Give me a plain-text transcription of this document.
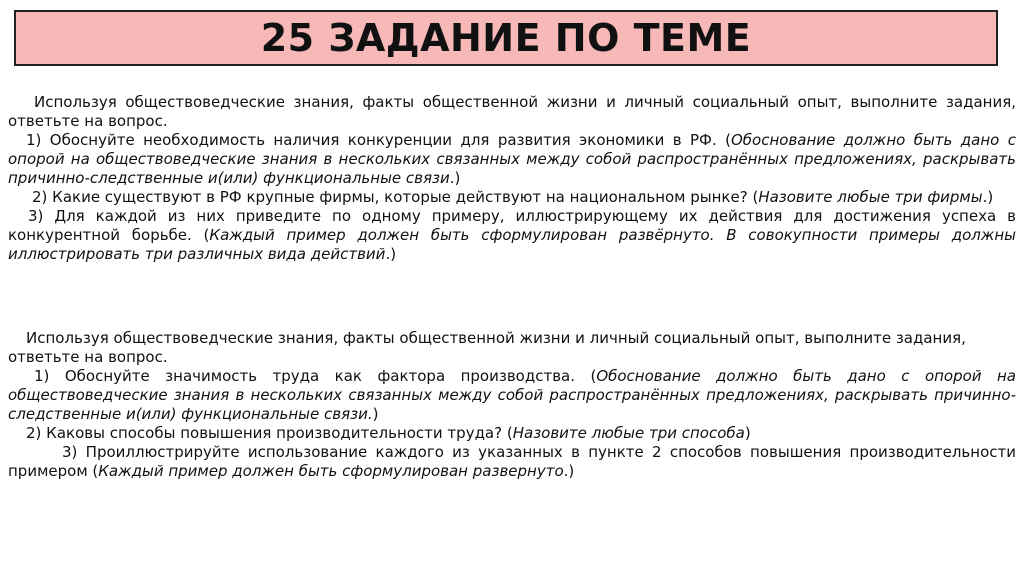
25 ЗАДАНИЕ ПО ТЕМЕ

Используя обществоведческие знания, факты общественной жизни и личный социальный опыт, выполните задания, ответьте на вопрос.

1) Обоснуйте необходимость наличия конкуренции для развития экономики в РФ. (Обоснование должно быть дано с опорой на обществоведческие знания в нескольких связанных между собой распространённых предложениях, раскрывать причинно-следственные и(или) функциональные связи.)

2) Какие существуют в РФ крупные фирмы, которые действуют на национальном рынке? (Назовите любые три фирмы.)

3) Для каждой из них приведите по одному примеру, иллюстрирующему их действия для достижения успеха в конкурентной борьбе. (Каждый пример должен быть сформулирован развёрнуто. В совокупности примеры должны иллюстрировать три различных вида действий.)

Используя обществоведческие знания, факты общественной жизни и личный социальный опыт, выполните задания, ответьте на вопрос.

1) Обоснуйте значимость труда как фактора производства. (Обоснование должно быть дано с опорой на обществоведческие знания в нескольких связанных между собой распространённых предложениях, раскрывать причинно-следственные и(или) функциональные связи.)

2) Каковы способы повышения производительности труда? (Назовите любые три способа)

3) Проиллюстрируйте использование каждого из указанных в пункте 2 способов повышения производительности примером (Каждый пример должен быть сформулирован развернуто.)
